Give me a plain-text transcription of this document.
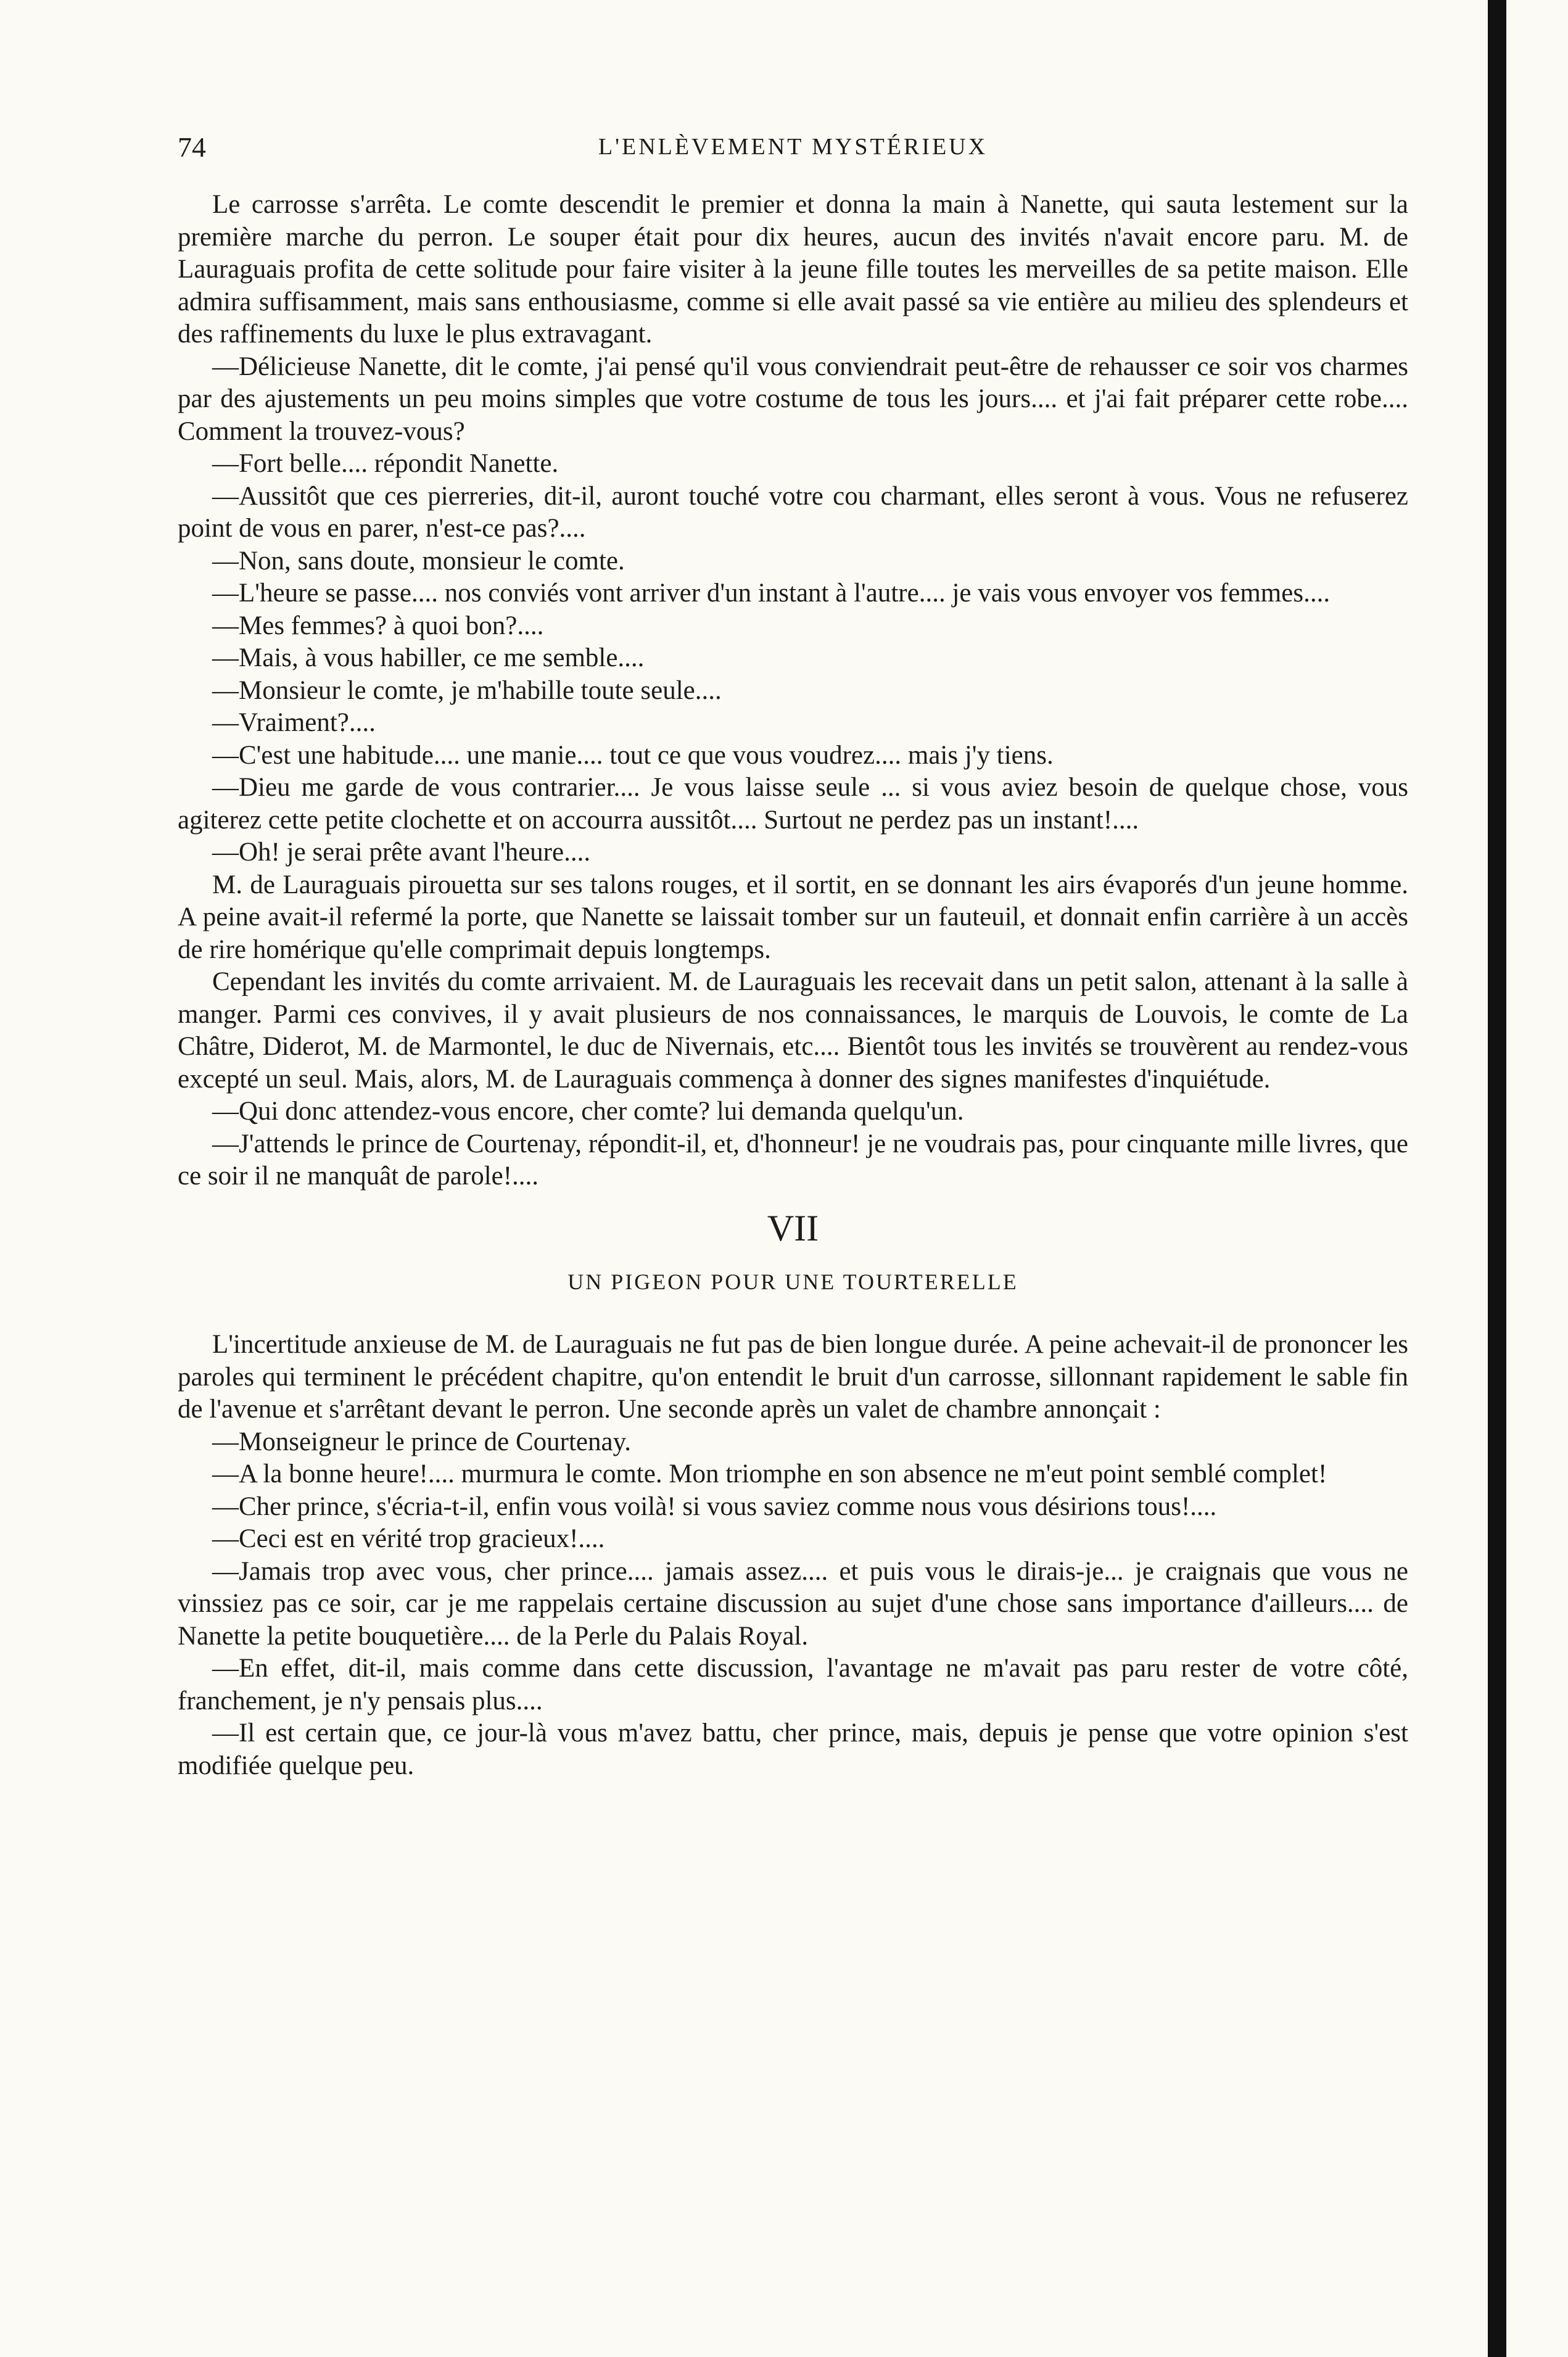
74	L'ENLÈVEMENT MYSTÉRIEUX

Le carrosse s'arrêta. Le comte descendit le premier et donna la main à Nanette, qui sauta lestement sur la première marche du perron. Le souper était pour dix heures, aucun des invités n'avait encore paru. M. de Lauraguais profita de cette solitude pour faire visiter à la jeune fille toutes les merveilles de sa petite maison. Elle admira suffisamment, mais sans enthousiasme, comme si elle avait passé sa vie entière au milieu des splendeurs et des raffinements du luxe le plus extravagant.

—Délicieuse Nanette, dit le comte, j'ai pensé qu'il vous conviendrait peut-être de rehausser ce soir vos charmes par des ajustements un peu moins simples que votre costume de tous les jours.... et j'ai fait préparer cette robe.... Comment la trouvez-vous?

—Fort belle.... répondit Nanette.

—Aussitôt que ces pierreries, dit-il, auront touché votre cou charmant, elles seront à vous. Vous ne refuserez point de vous en parer, n'est-ce pas?....

—Non, sans doute, monsieur le comte.

—L'heure se passe.... nos conviés vont arriver d'un instant à l'autre.... je vais vous envoyer vos femmes....

—Mes femmes? à quoi bon?....

—Mais, à vous habiller, ce me semble....

—Monsieur le comte, je m'habille toute seule....

—Vraiment?....

—C'est une habitude.... une manie.... tout ce que vous voudrez.... mais j'y tiens.

—Dieu me garde de vous contrarier.... Je vous laisse seule ... si vous aviez besoin de quelque chose, vous agiterez cette petite clochette et on accourra aussitôt.... Surtout ne perdez pas un instant!....

—Oh! je serai prête avant l'heure....

M. de Lauraguais pirouetta sur ses talons rouges, et il sortit, en se donnant les airs évaporés d'un jeune homme. A peine avait-il refermé la porte, que Nanette se laissait tomber sur un fauteuil, et donnait enfin carrière à un accès de rire homérique qu'elle comprimait depuis longtemps.

Cependant les invités du comte arrivaient. M. de Lauraguais les recevait dans un petit salon, attenant à la salle à manger. Parmi ces convives, il y avait plusieurs de nos connaissances, le marquis de Louvois, le comte de La Châtre, Diderot, M. de Marmontel, le duc de Nivernais, etc.... Bientôt tous les invités se trouvèrent au rendez-vous excepté un seul. Mais, alors, M. de Lauraguais commença à donner des signes manifestes d'inquiétude.

—Qui donc attendez-vous encore, cher comte? lui demanda quelqu'un.

—J'attends le prince de Courtenay, répondit-il, et, d'honneur! je ne voudrais pas, pour cinquante mille livres, que ce soir il ne manquât de parole!....

VII
UN PIGEON POUR UNE TOURTERELLE

L'incertitude anxieuse de M. de Lauraguais ne fut pas de bien longue durée. A peine achevait-il de prononcer les paroles qui terminent le précédent chapitre, qu'on entendit le bruit d'un carrosse, sillonnant rapidement le sable fin de l'avenue et s'arrêtant devant le perron. Une seconde après un valet de chambre annonçait :

—Monseigneur le prince de Courtenay.

—A la bonne heure!.... murmura le comte. Mon triomphe en son absence ne m'eut point semblé complet!

—Cher prince, s'écria-t-il, enfin vous voilà! si vous saviez comme nous vous désirions tous!....

—Ceci est en vérité trop gracieux!....

—Jamais trop avec vous, cher prince.... jamais assez.... et puis vous le dirais-je... je craignais que vous ne vinssiez pas ce soir, car je me rappelais certaine discussion au sujet d'une chose sans importance d'ailleurs.... de Nanette la petite bouquetière.... de la Perle du Palais Royal.

—En effet, dit-il, mais comme dans cette discussion, l'avantage ne m'avait pas paru rester de votre côté, franchement, je n'y pensais plus....

—Il est certain que, ce jour-là vous m'avez battu, cher prince, mais, depuis je pense que votre opinion s'est modifiée quelque peu.
